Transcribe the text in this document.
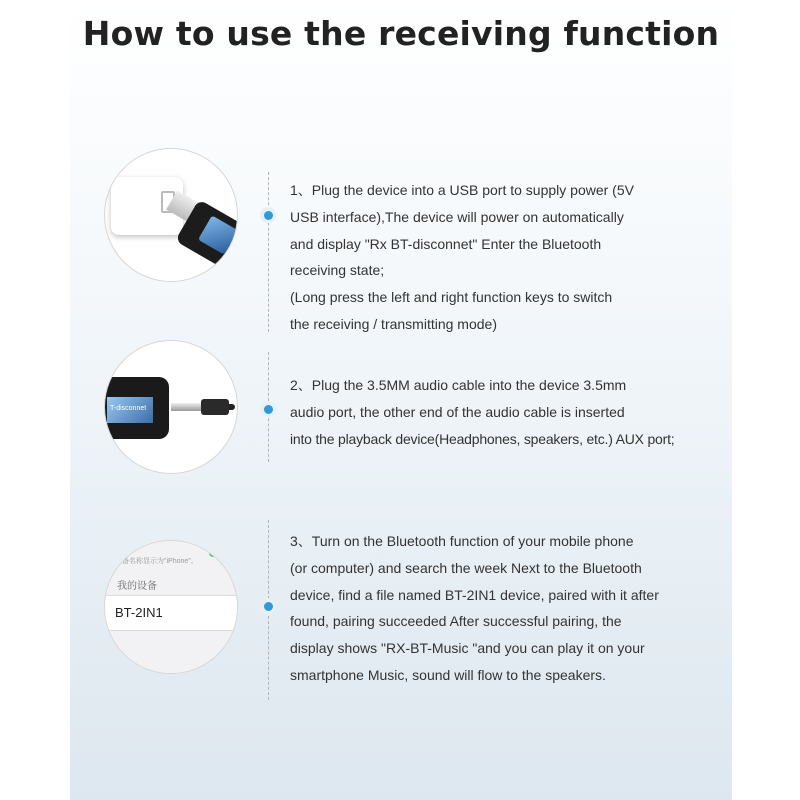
How to use the receiving function
T-disconnet
设备名称显示为"iPhone"。
我的设备
BT-2IN1

1、Plug the device into a USB port to supply power (5V

USB interface),The device will power on automatically

and display "Rx BT-disconnet" Enter the Bluetooth

receiving state;

(Long press the left and right function keys to switch

the receiving / transmitting mode)

2、Plug the 3.5MM audio cable into the device 3.5mm

audio port, the other end of the audio cable is inserted

into the playback device(Headphones, speakers, etc.) AUX port;

3、Turn on the Bluetooth function of your mobile phone

(or computer) and search the week Next to the Bluetooth

device, find a file named BT-2IN1 device, paired with it after

found, pairing succeeded After successful pairing, the

display shows "RX-BT-Music "and you can play it on your

smartphone Music, sound will flow to the speakers.
